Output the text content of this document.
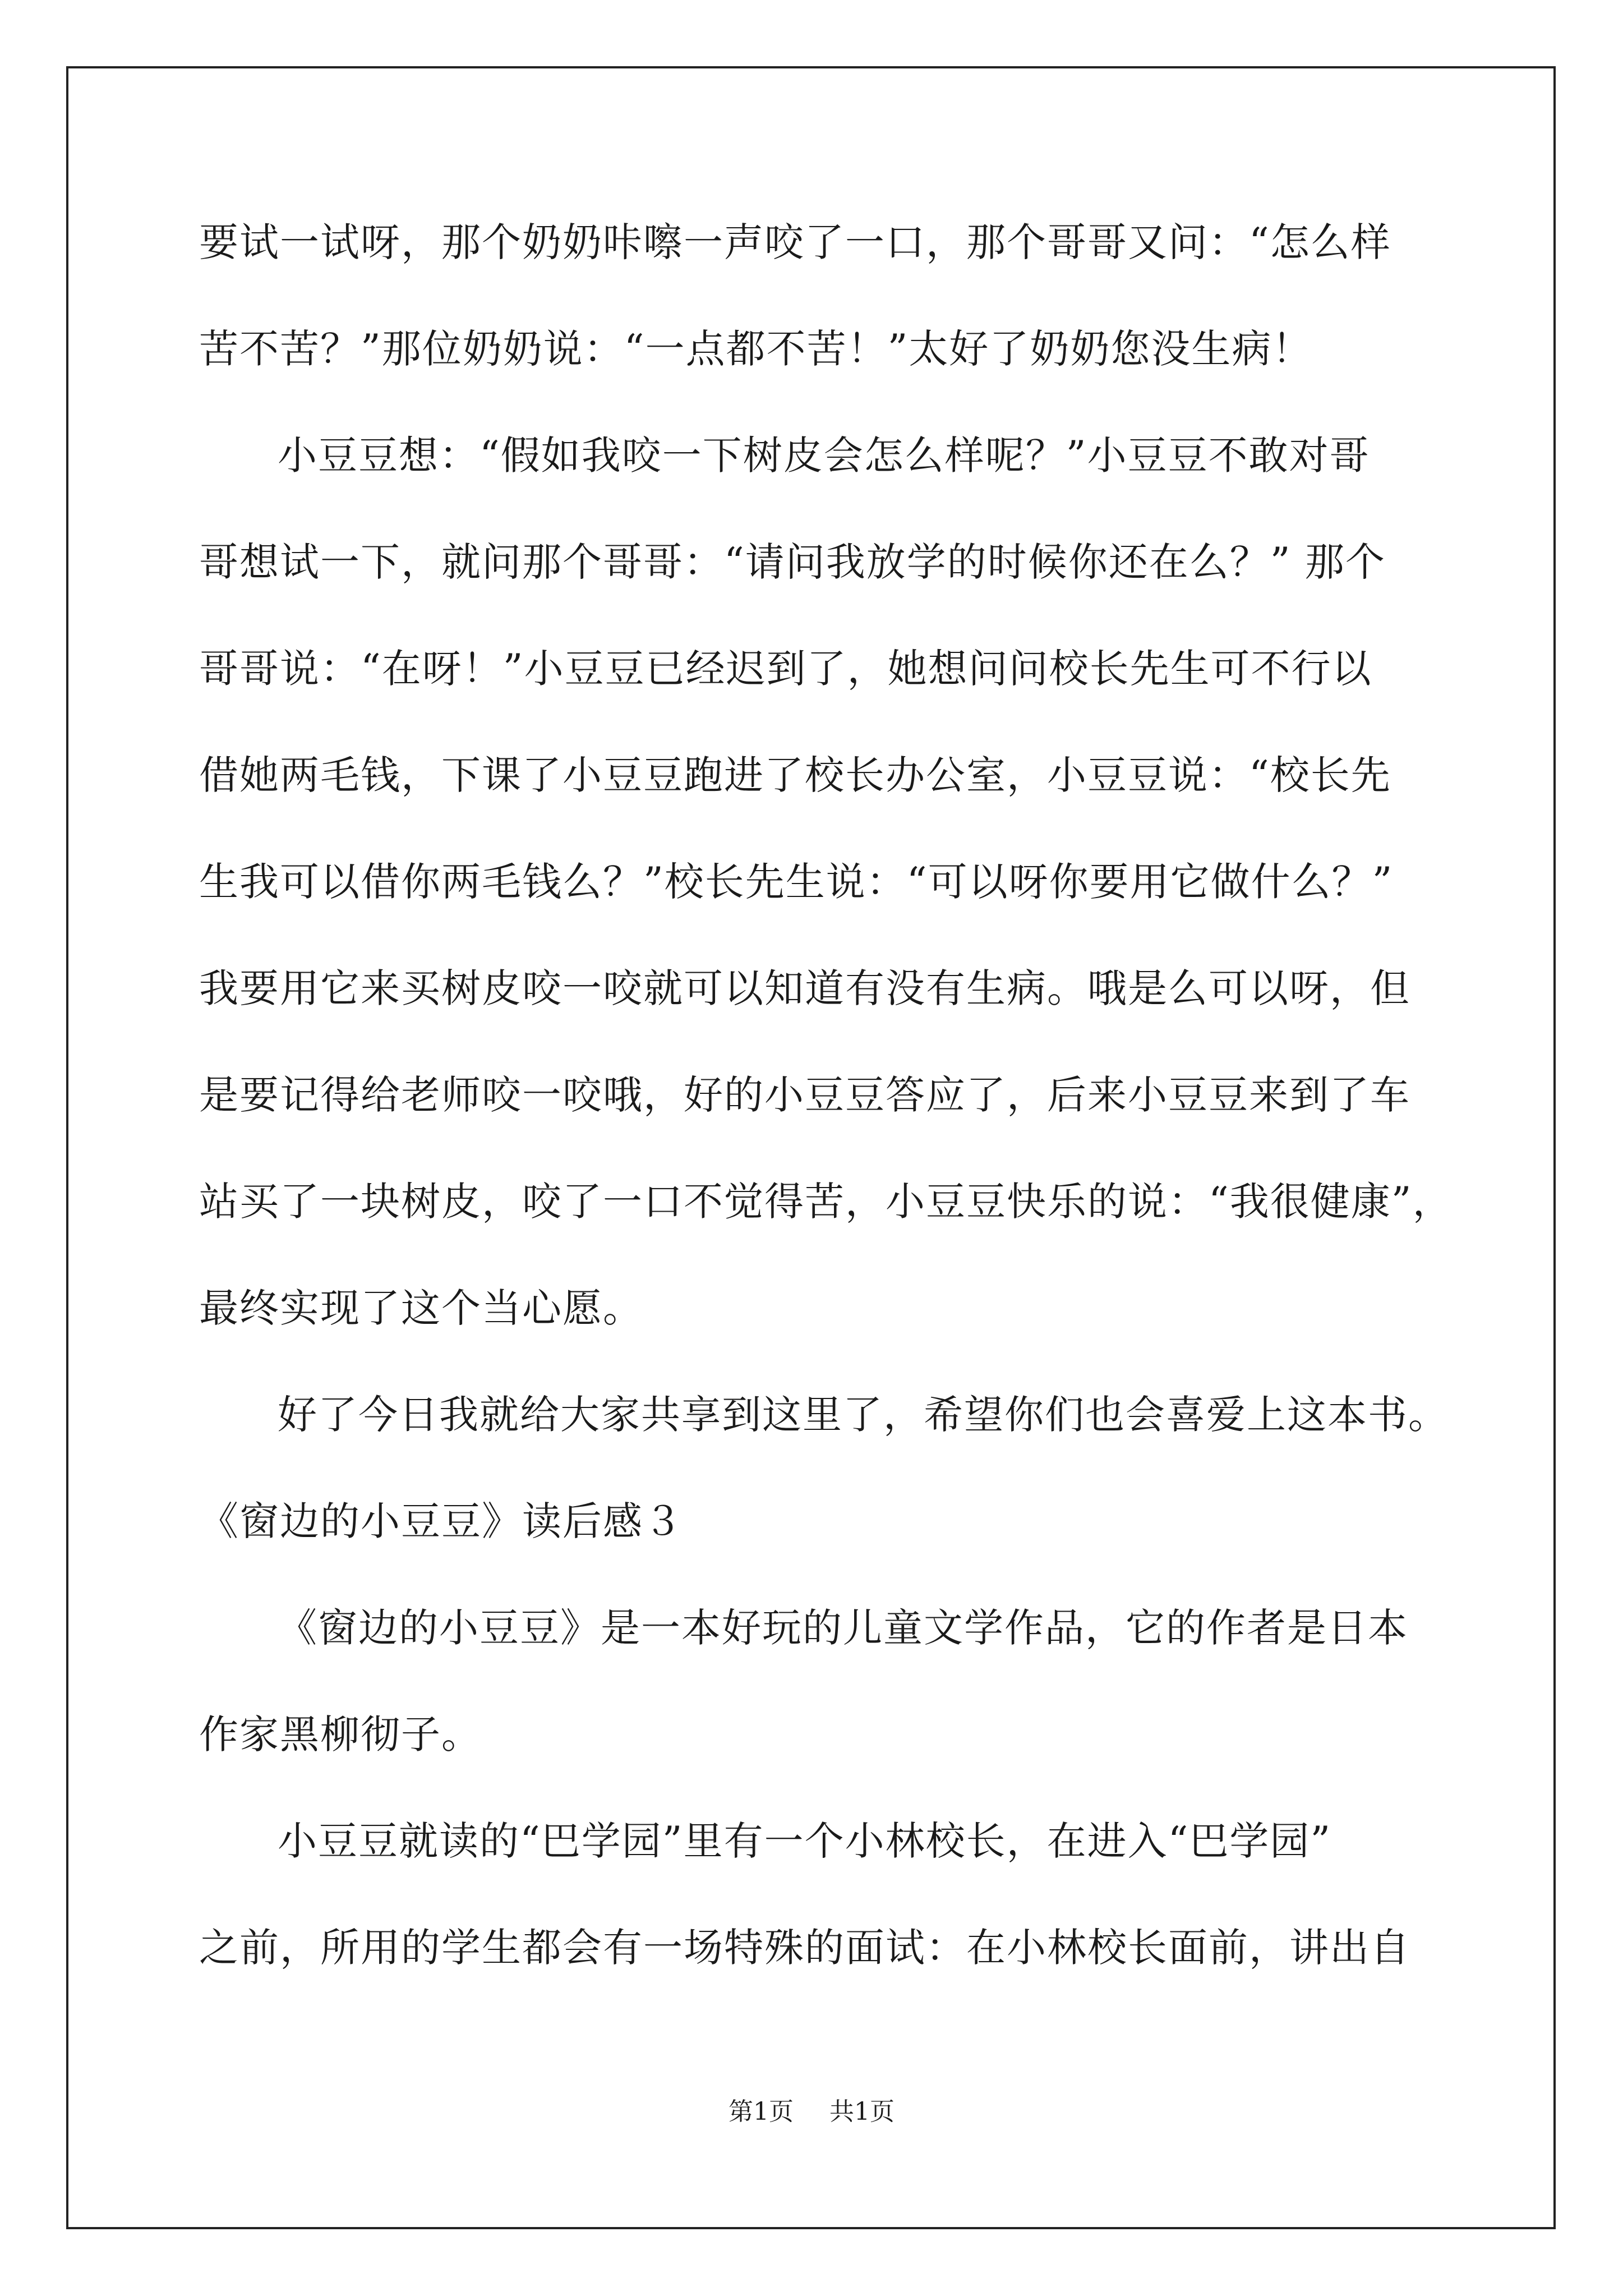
要试一试呀，那个奶奶咔嚓一声咬了一口，那个哥哥又问：“怎么样

苦不苦？”那位奶奶说：“一点都不苦！”太好了奶奶您没生病！

小豆豆想：“假如我咬一下树皮会怎么样呢？”小豆豆不敢对哥

哥想试一下，就问那个哥哥：“请问我放学的时候你还在么？” 那个

哥哥说：“在呀！”小豆豆已经迟到了，她想问问校长先生可不行以

借她两毛钱，下课了小豆豆跑进了校长办公室，小豆豆说：“校长先

生我可以借你两毛钱么？”校长先生说：“可以呀你要用它做什么？”

我要用它来买树皮咬一咬就可以知道有没有生病。哦是么可以呀，但

是要记得给老师咬一咬哦，好的小豆豆答应了，后来小豆豆来到了车

站买了一块树皮，咬了一口不觉得苦，小豆豆快乐的说：“我很健康”，

最终实现了这个当心愿。

好了今日我就给大家共享到这里了，希望你们也会喜爱上这本书。

《窗边的小豆豆》读后感３

《窗边的小豆豆》是一本好玩的儿童文学作品，它的作者是日本

作家黑柳彻子。

小豆豆就读的“巴学园”里有一个小林校长，在进入“巴学园”

之前，所用的学生都会有一场特殊的面试：在小林校长面前，讲出自

第1页 共1页
